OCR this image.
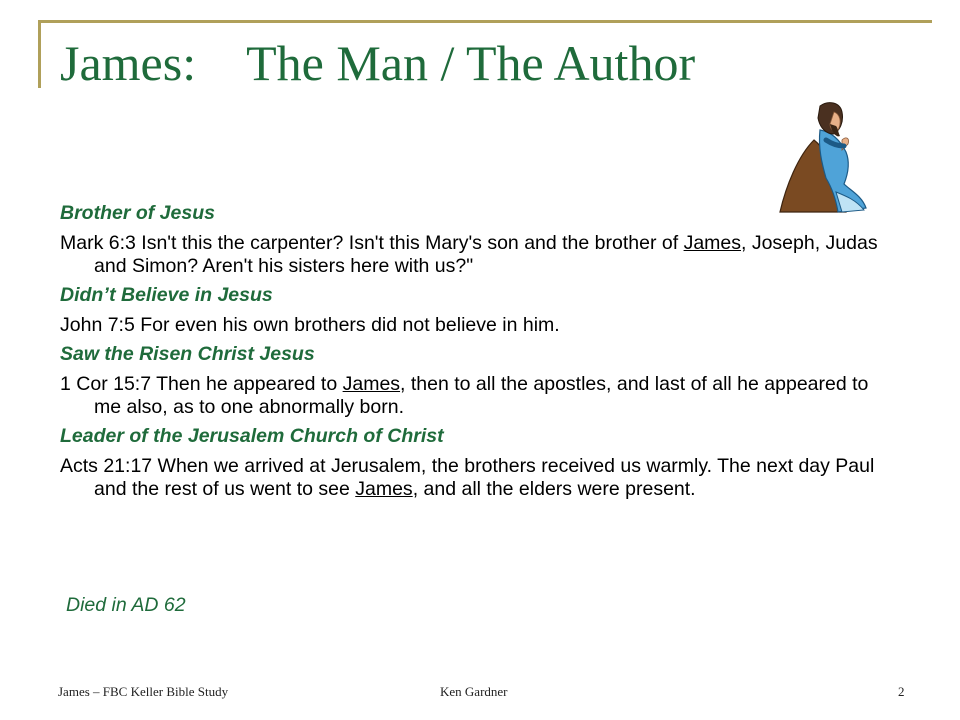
James: The Man / The Author
Brother of Jesus
Mark 6:3 Isn't this the carpenter? Isn't this Mary's son and the brother of James, Joseph, Judas and Simon? Aren't his sisters here with us?"
Didn’t Believe in Jesus
John 7:5 For even his own brothers did not believe in him.
Saw the Risen Christ Jesus
1 Cor 15:7 Then he appeared to James, then to all the apostles, and last of all he appeared to me also, as to one abnormally born.
Leader of the Jerusalem Church of Christ
Acts 21:17 When we arrived at Jerusalem, the brothers received us warmly. The next day Paul and the rest of us went to see James, and all the elders were present.
Died in AD 62
James – FBC Keller Bible Study	Ken Gardner	2
